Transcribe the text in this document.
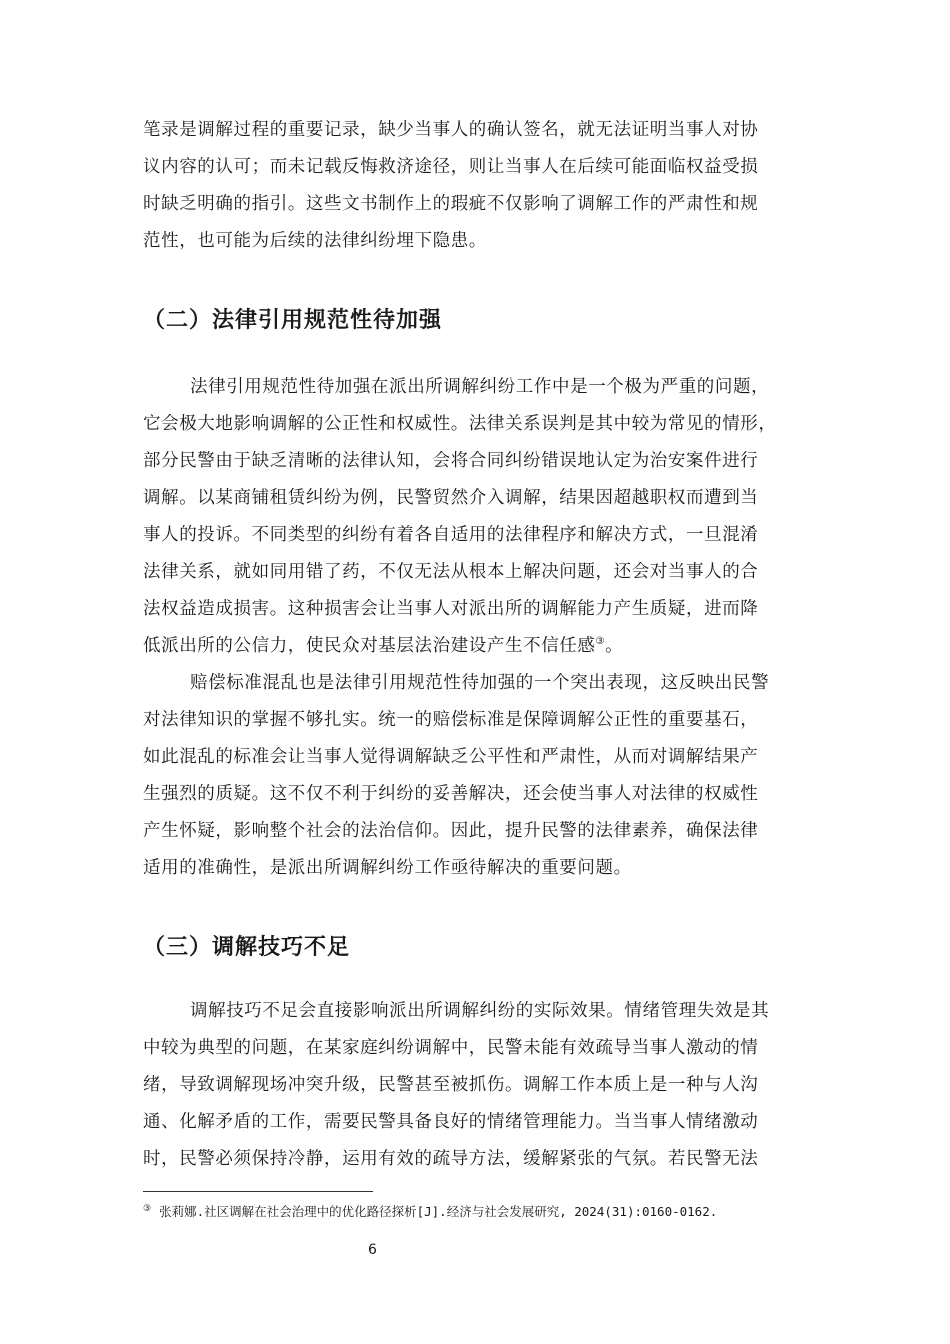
笔录是调解过程的重要记录，缺少当事人的确认签名，就无法证明当事人对协
议内容的认可；而未记载反悔救济途径，则让当事人在后续可能面临权益受损
时缺乏明确的指引。这些文书制作上的瑕疵不仅影响了调解工作的严肃性和规
范性，也可能为后续的法律纠纷埋下隐患。
（二）法律引用规范性待加强
法律引用规范性待加强在派出所调解纠纷工作中是一个极为严重的问题，
它会极大地影响调解的公正性和权威性。法律关系误判是其中较为常见的情形，
部分民警由于缺乏清晰的法律认知，会将合同纠纷错误地认定为治安案件进行
调解。以某商铺租赁纠纷为例，民警贸然介入调解，结果因超越职权而遭到当
事人的投诉。不同类型的纠纷有着各自适用的法律程序和解决方式，一旦混淆
法律关系，就如同用错了药，不仅无法从根本上解决问题，还会对当事人的合
法权益造成损害。这种损害会让当事人对派出所的调解能力产生质疑，进而降
低派出所的公信力，使民众对基层法治建设产生不信任感③。
赔偿标准混乱也是法律引用规范性待加强的一个突出表现，这反映出民警
对法律知识的掌握不够扎实。统一的赔偿标准是保障调解公正性的重要基石，
如此混乱的标准会让当事人觉得调解缺乏公平性和严肃性，从而对调解结果产
生强烈的质疑。这不仅不利于纠纷的妥善解决，还会使当事人对法律的权威性
产生怀疑，影响整个社会的法治信仰。因此，提升民警的法律素养，确保法律
适用的准确性，是派出所调解纠纷工作亟待解决的重要问题。
（三）调解技巧不足
调解技巧不足会直接影响派出所调解纠纷的实际效果。情绪管理失效是其
中较为典型的问题，在某家庭纠纷调解中，民警未能有效疏导当事人激动的情
绪，导致调解现场冲突升级，民警甚至被抓伤。调解工作本质上是一种与人沟
通、化解矛盾的工作，需要民警具备良好的情绪管理能力。当当事人情绪激动
时，民警必须保持冷静，运用有效的疏导方法，缓解紧张的气氛。若民警无法
③ 张莉娜.社区调解在社会治理中的优化路径探析[J].经济与社会发展研究, 2024(31):0160-0162.
6
